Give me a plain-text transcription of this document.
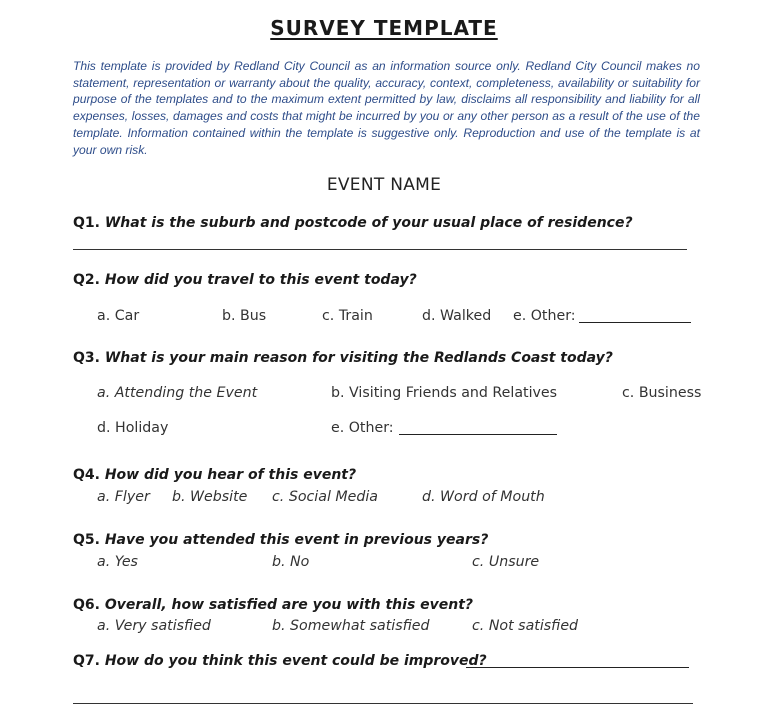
SURVEY TEMPLATE
This template is provided by Redland City Council as an information source only. Redland City Council makes no statement, representation or warranty about the quality, accuracy, context, completeness, availability or suitability for purpose of the templates and to the maximum extent permitted by law, disclaims all responsibility and liability for all expenses, losses, damages and costs that might be incurred by you or any other person as a result of the use of the template. Information contained within the template is suggestive only. Reproduction and use of the template is at your own risk.
EVENT NAME
Q1. What is the suburb and postcode of your usual place of residence?
Q2. How did you travel to this event today?
a. Car	b. Bus	c. Train	d. Walked e. Other:
Q3. What is your main reason for visiting the Redlands Coast today?
a. Attending the Event	b. Visiting Friends and Relatives	c. Business
d. Holiday	e. Other:
Q4. How did you hear of this event?
a. Flyer b. Website c. Social Media	d. Word of Mouth
Q5. Have you attended this event in previous years?
a. Yes	b. No	c. Unsure
Q6. Overall, how satisfied are you with this event?
a. Very satisfied	b. Somewhat satisfied	c. Not satisfied
Q7. How do you think this event could be improved?
